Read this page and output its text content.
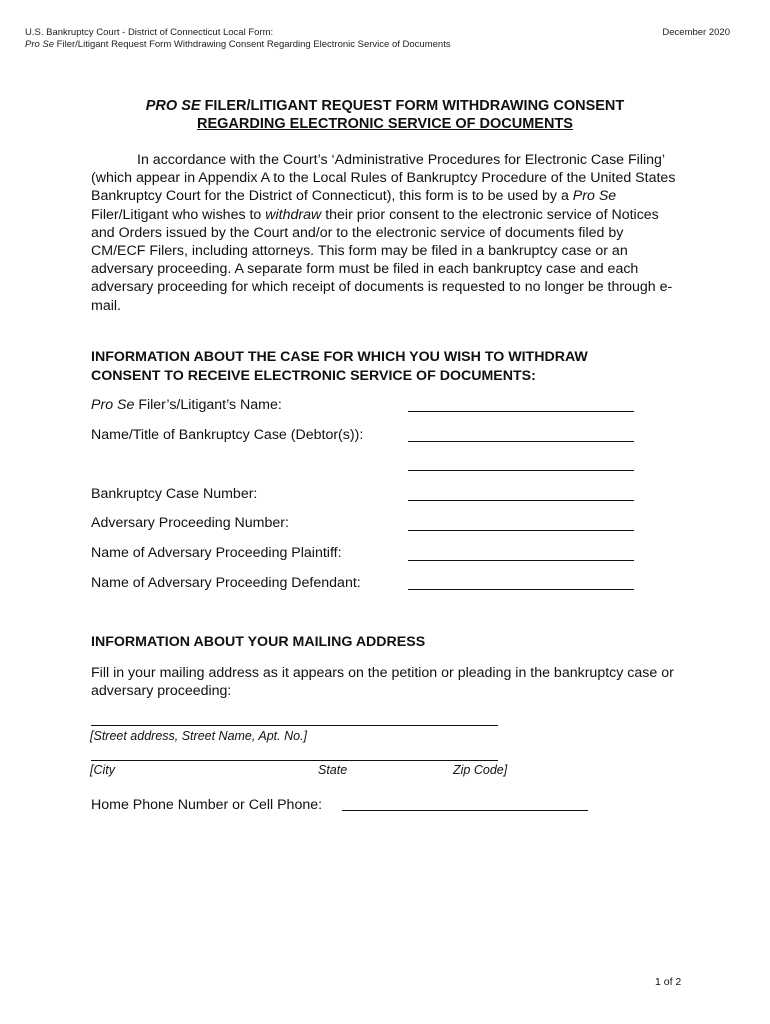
U.S. Bankruptcy Court - District of Connecticut Local Form:
Pro Se Filer/Litigant Request Form Withdrawing Consent Regarding Electronic Service of Documents
December 2020
PRO SE FILER/LITIGANT REQUEST FORM WITHDRAWING CONSENT
REGARDING ELECTRONIC SERVICE OF DOCUMENTS
In accordance with the Court’s ‘Administrative Procedures for Electronic Case Filing’ (which appear in Appendix A to the Local Rules of Bankruptcy Procedure of the United States Bankruptcy Court for the District of Connecticut), this form is to be used by a Pro Se Filer/Litigant who wishes to withdraw their prior consent to the electronic service of Notices and Orders issued by the Court and/or to the electronic service of documents filed by CM/ECF Filers, including attorneys. This form may be filed in a bankruptcy case or an adversary proceeding. A separate form must be filed in each bankruptcy case and each adversary proceeding for which receipt of documents is requested to no longer be through e-mail.
INFORMATION ABOUT THE CASE FOR WHICH YOU WISH TO WITHDRAW
CONSENT TO RECEIVE ELECTRONIC SERVICE OF DOCUMENTS:
Pro Se Filer’s/Litigant’s Name:
Name/Title of Bankruptcy Case (Debtor(s)):
Bankruptcy Case Number:
Adversary Proceeding Number:
Name of Adversary Proceeding Plaintiff:
Name of Adversary Proceeding Defendant:
INFORMATION ABOUT YOUR MAILING ADDRESS
Fill in your mailing address as it appears on the petition or pleading in the bankruptcy case or adversary proceeding:
[Street address, Street Name, Apt. No.]
[City	State	Zip Code]
Home Phone Number or Cell Phone:
1 of 2
